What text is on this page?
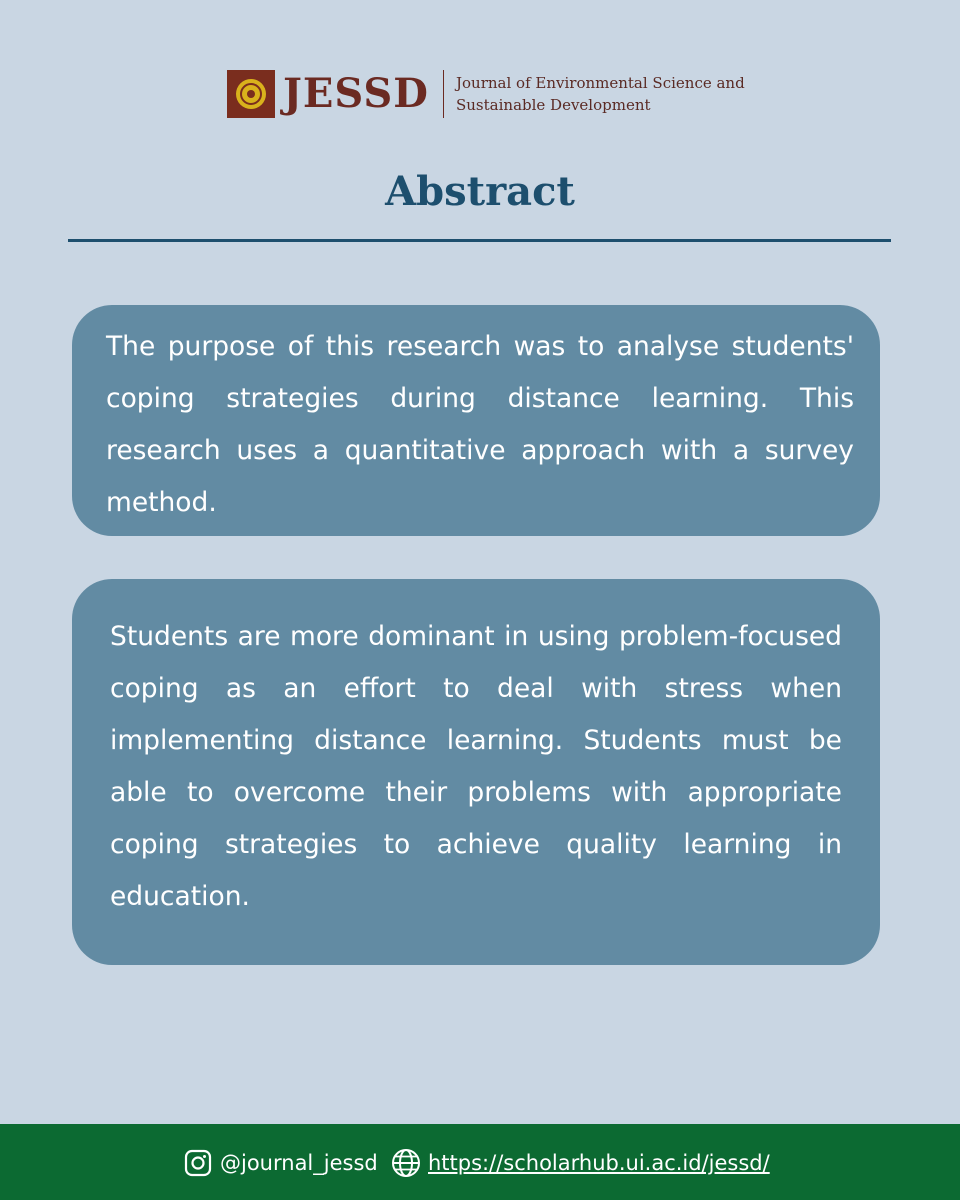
JESSD Journal of Environmental Science and
Sustainable Development
Abstract
The purpose of this research was to analyse students' coping strategies during distance learning. This research uses a quantitative approach with a survey method.
Students are more dominant in using problem-focused coping as an effort to deal with stress when implementing distance learning. Students must be able to overcome their problems with appropriate coping strategies to achieve quality learning in education.
@journal_jessd https://scholarhub.ui.ac.id/jessd/
